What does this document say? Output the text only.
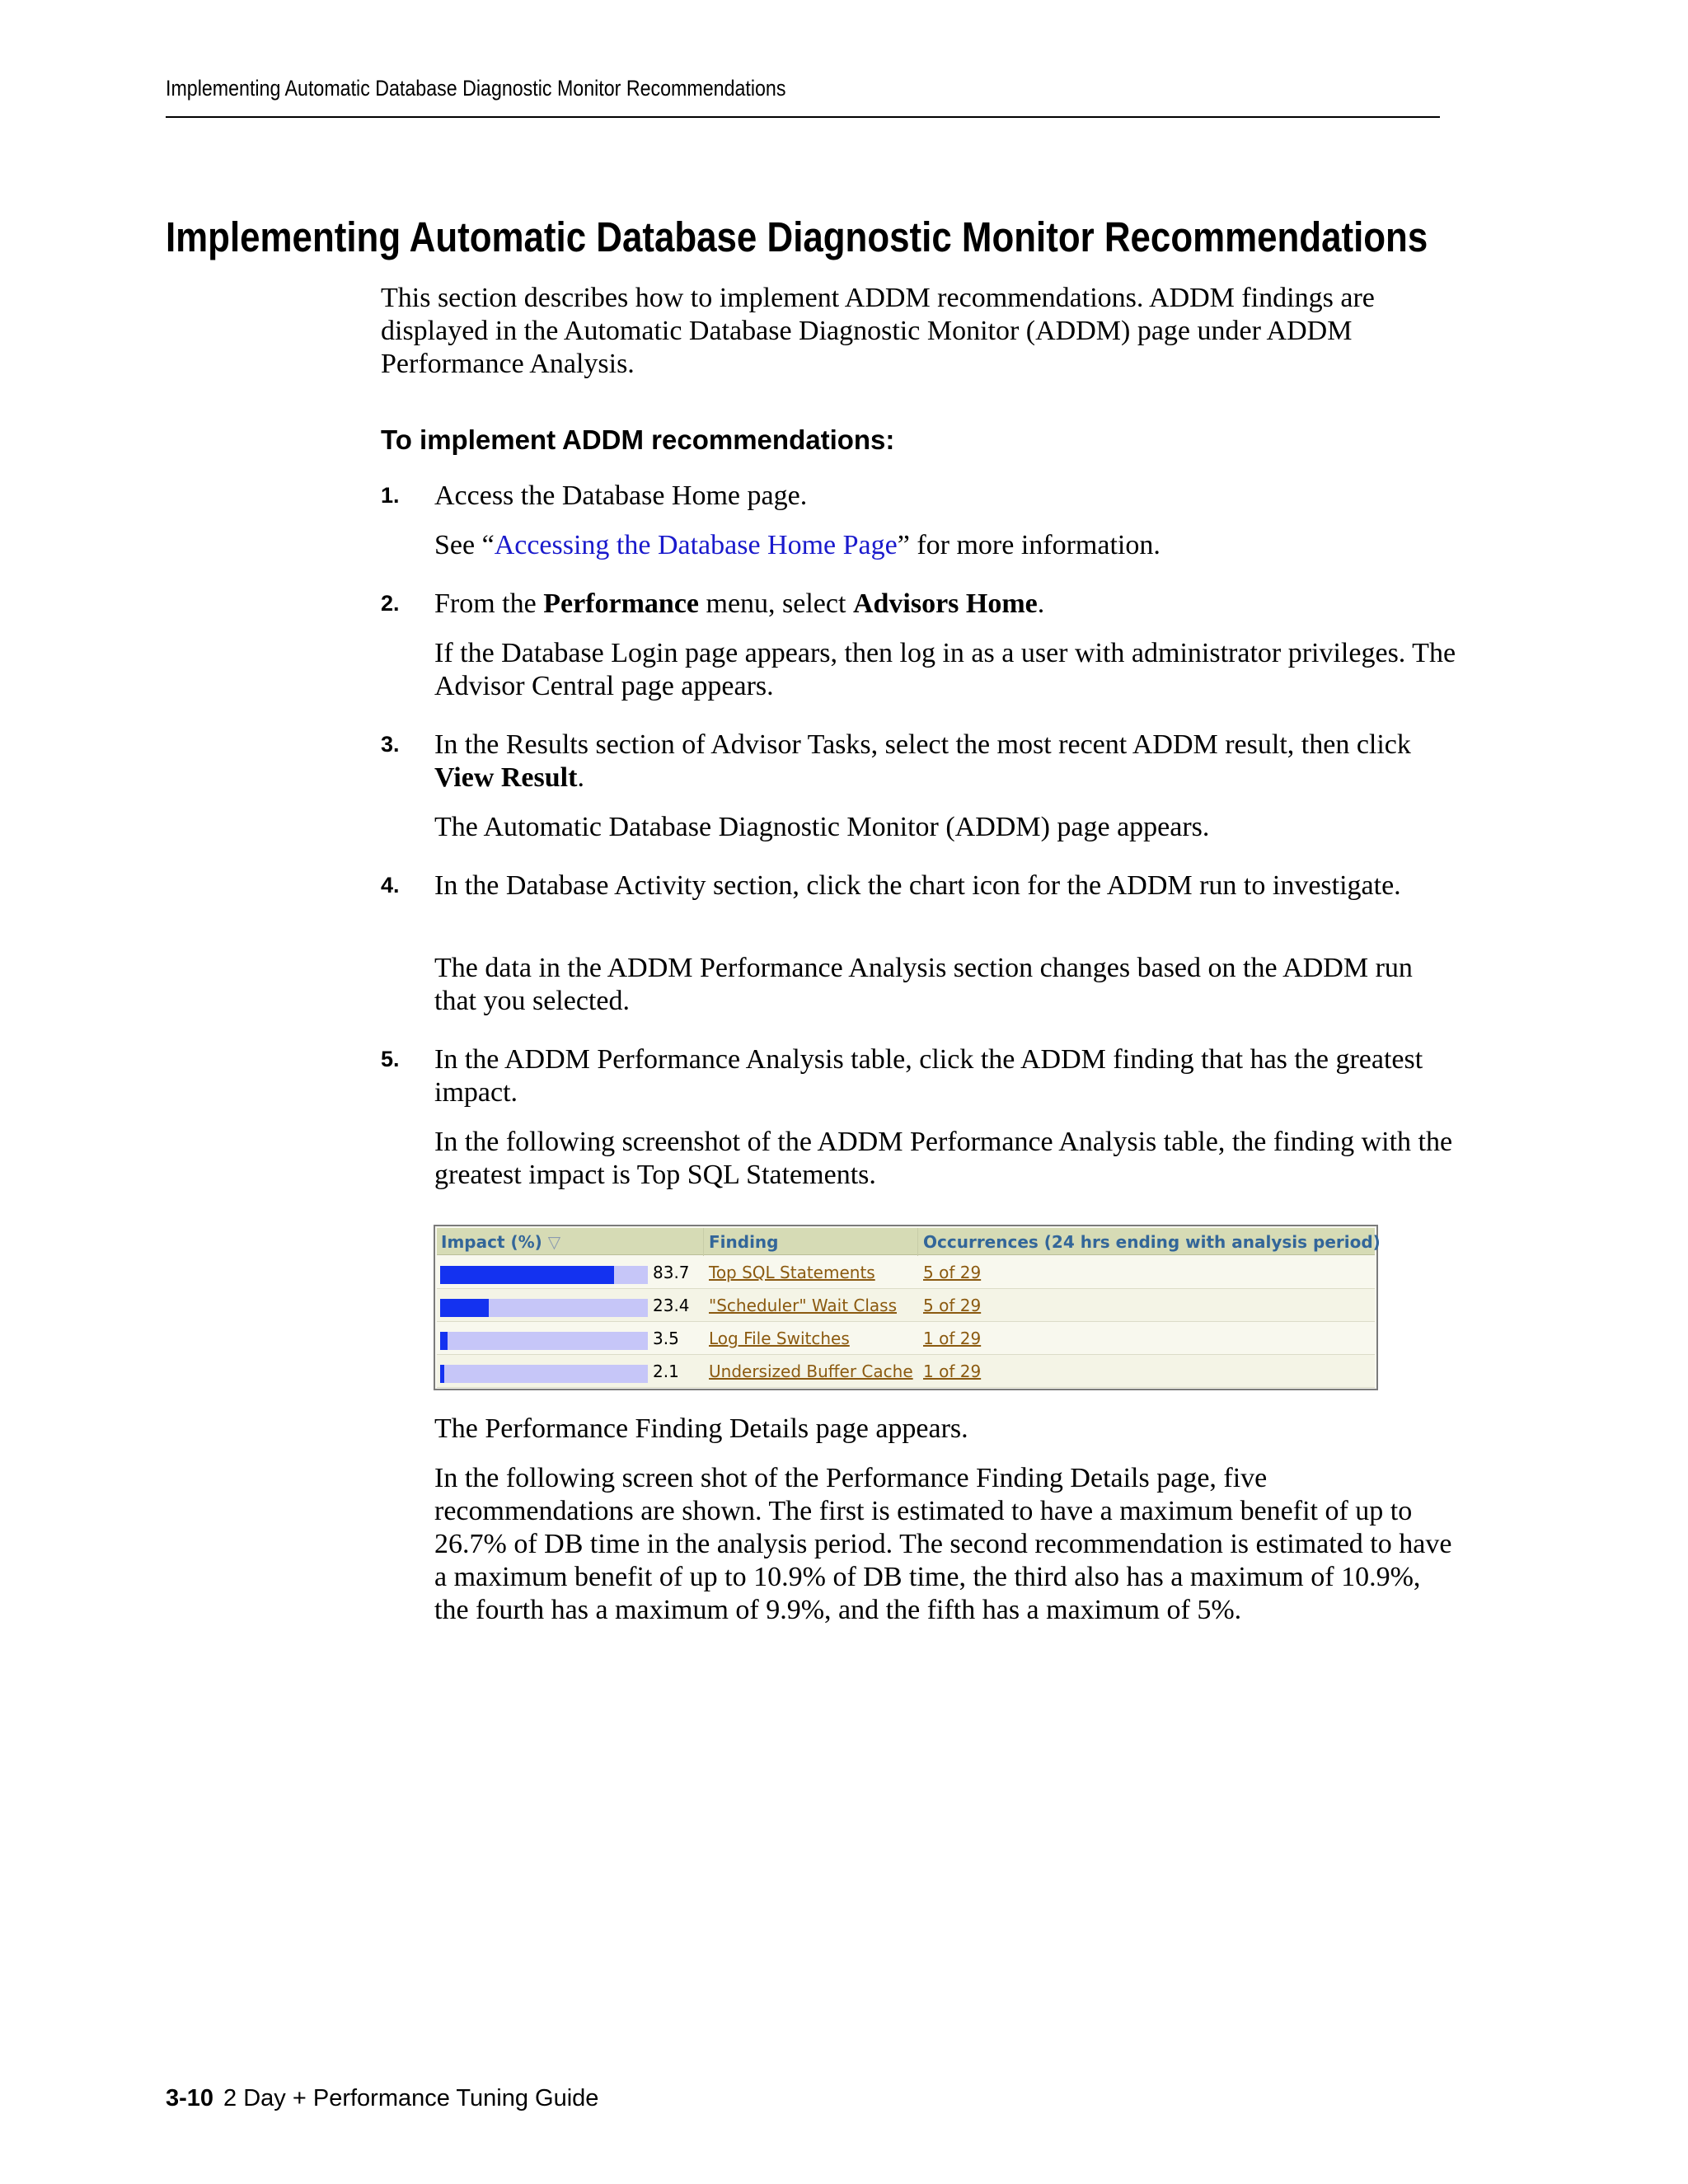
Implementing Automatic Database Diagnostic Monitor Recommendations
Implementing Automatic Database Diagnostic Monitor Recommendations

This section describes how to implement ADDM recommendations. ADDM findings are displayed in the Automatic Database Diagnostic Monitor (ADDM) page under ADDM Performance Analysis.

To implement ADDM recommendations:
1. Access the Database Home page.

See “Accessing the Database Home Page” for more information.

2. From the Performance menu, select Advisors Home.

If the Database Login page appears, then log in as a user with administrator privileges. The Advisor Central page appears.

3. In the Results section of Advisor Tasks, select the most recent ADDM result, then click View Result.

The Automatic Database Diagnostic Monitor (ADDM) page appears.

4. In the Database Activity section, click the chart icon for the ADDM run to investigate.

The data in the ADDM Performance Analysis section changes based on the ADDM run that you selected.

5. In the ADDM Performance Analysis table, click the ADDM finding that has the greatest impact.

In the following screenshot of the ADDM Performance Analysis table, the finding with the greatest impact is Top SQL Statements.

Impact (%) ▽	Finding	Occurrences (24 hrs ending with analysis period)
83.7 Top SQL Statements	5 of 29
23.4 "Scheduler" Wait Class 5 of 29
3.5 Log File Switches	1 of 29
2.1 Undersized Buffer Cache 1 of 29

The Performance Finding Details page appears.

In the following screen shot of the Performance Finding Details page, five recommendations are shown. The first is estimated to have a maximum benefit of up to 26.7% of DB time in the analysis period. The second recommendation is estimated to have a maximum benefit of up to 10.9% of DB time, the third also has a maximum of 10.9%, the fourth has a maximum of 9.9%, and the fifth has a maximum of 5%.

3-10 2 Day + Performance Tuning Guide
